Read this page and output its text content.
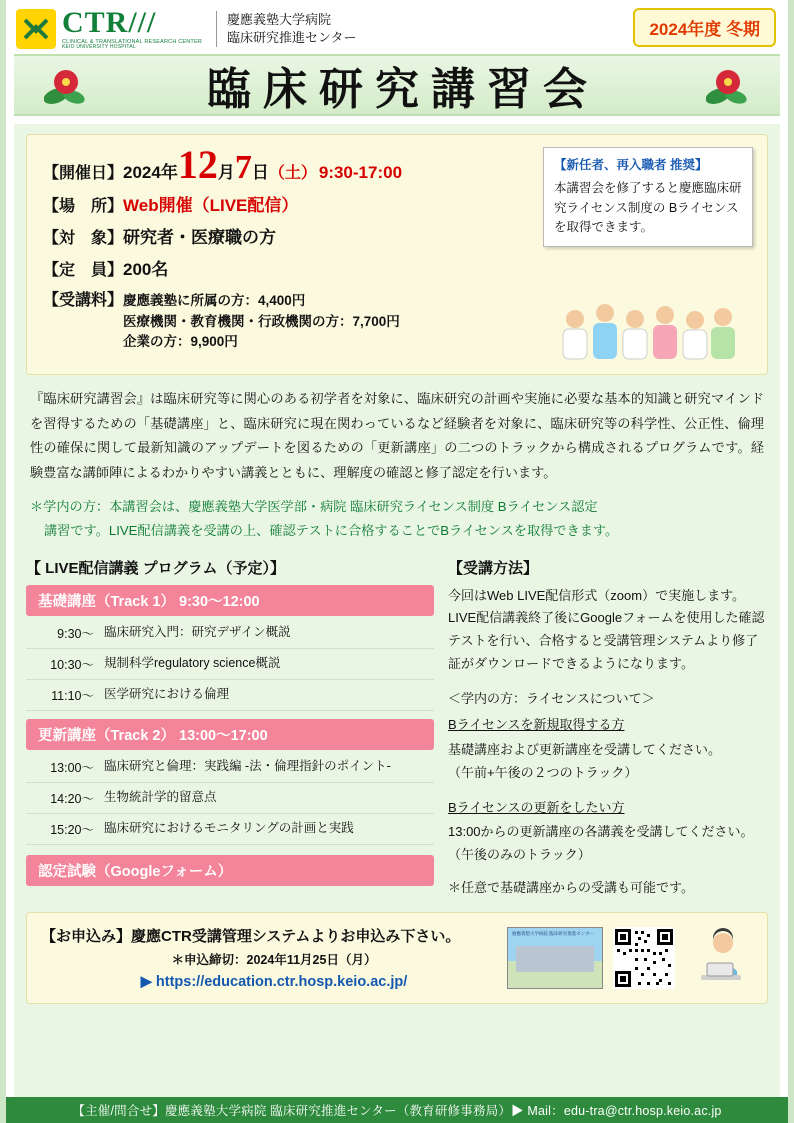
CTR///
CLINICAL & TRANSLATIONAL RESEARCH CENTER
KEIO UNIVERSITY HOSPITAL
慶應義塾大学病院
臨床研究推進センター	2024年度 冬期
臨床研究講習会
【開催日】 2024年 12 月 7 日 （土） 9:30-17:00
【場　所】 Web開催（LIVE配信）
【対　象】 研究者・医療職の方
【定　員】 200名
【受講料】 慶應義塾に所属の方：4,400円
医療機関・教育機関・行政機関の方：7,700円
企業の方：9,900円
【新任者、再入職者 推奨】
本講習会を修了すると慶應臨床研究ライセンス制度の Bライセンスを取得できます。
『臨床研究講習会』は臨床研究等に関心のある初学者を対象に、臨床研究の計画や実施に必要な基本的知識と研究マインドを習得するための「基礎講座」と、臨床研究に現在関わっているなど経験者を対象に、臨床研究等の科学性、公正性、倫理性の確保に関して最新知識のアップデートを図るための「更新講座」の二つのトラックから構成されるプログラムです。経験豊富な講師陣によるわかりやすい講義とともに、理解度の確認と修了認定を行います。
＊学内の方：本講習会は、慶應義塾大学医学部・病院 臨床研究ライセンス制度 Bライセンス認定
講習です。LIVE配信講義を受講の上、確認テストに合格することでBライセンスを取得できます。
【 LIVE配信講義 プログラム（予定）】
基礎講座（Track 1） 9:30〜12:00
9:30〜 臨床研究入門：研究デザイン概説
10:30〜 規制科学regulatory science概説
11:10〜 医学研究における倫理
更新講座（Track 2） 13:00〜17:00
13:00〜 臨床研究と倫理：実践編 -法・倫理指針のポイント-
14:20〜 生物統計学的留意点
15:20〜 臨床研究におけるモニタリングの計画と実践
認定試験（Googleフォーム）
【受講方法】

今回はWeb LIVE配信形式（zoom）で実施します。LIVE配信講義終了後にGoogleフォームを使用した確認テストを行い、合格すると受講管理システムより修了証がダウンロードできるようになります。

＜学内の方：ライセンスについて＞

Bライセンスを新規取得する方

基礎講座および更新講座を受講してください。

（午前+午後の２つのトラック）

Bライセンスの更新をしたい方

13:00からの更新講座の各講義を受講してください。

（午後のみのトラック）

＊任意で基礎講座からの受講も可能です。

【お申込み】慶應CTR受講管理システムよりお申込み下さい。
＊申込締切：2024年11月25日（月）
▶ https://education.ctr.hosp.keio.ac.jp/
慶應義塾大学病院 臨床研究推進センター
【主催/問合せ】慶應義塾大学病院 臨床研究推進センター（教育研修事務局）▶ Mail：edu-tra@ctr.hosp.keio.ac.jp
